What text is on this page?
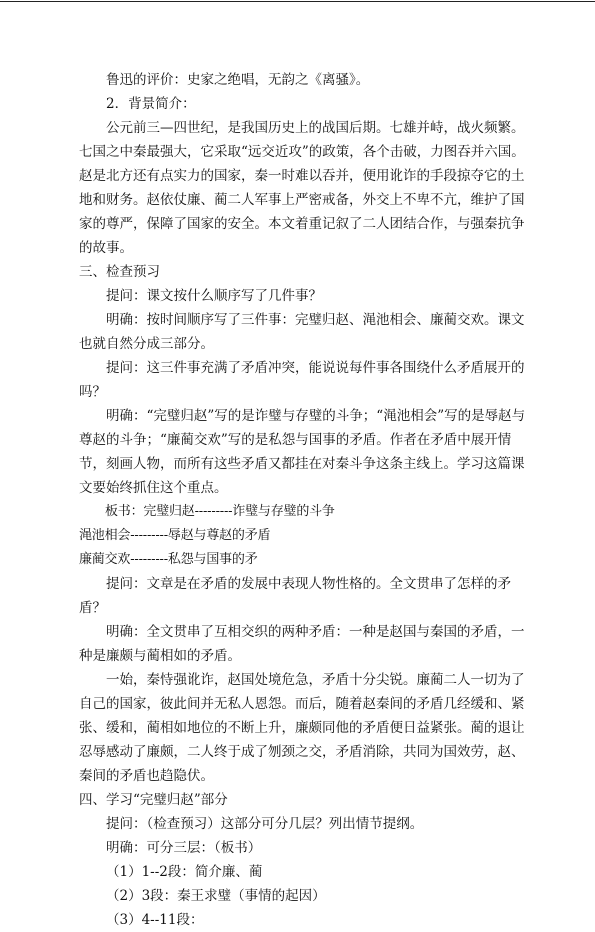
鲁迅的评价：史家之绝唱，无韵之《离骚》。

2．背景简介：

公元前三—四世纪，是我国历史上的战国后期。七雄并峙，战火频繁。七国之中秦最强大，它采取“远交近攻”的政策，各个击破，力图吞并六国。赵是北方还有点实力的国家，秦一时难以吞并，便用讹诈的手段掠夺它的土地和财务。赵依仗廉、蔺二人军事上严密戒备，外交上不卑不亢，维护了国家的尊严，保障了国家的安全。本文着重记叙了二人团结合作，与强秦抗争的故事。

三、检查预习

提问：课文按什么顺序写了几件事？

明确：按时间顺序写了三件事：完璧归赵、渑池相会、廉蔺交欢。课文也就自然分成三部分。

提问：这三件事充满了矛盾冲突，能说说每件事各围绕什么矛盾展开的吗？

明确：“完璧归赵”写的是诈璧与存璧的斗争；“渑池相会”写的是辱赵与尊赵的斗争；“廉蔺交欢”写的是私怨与国事的矛盾。作者在矛盾中展开情节，刻画人物，而所有这些矛盾又都挂在对秦斗争这条主线上。学习这篇课文要始终抓住这个重点。

板书：完璧归赵---------诈璧与存璧的斗争

渑池相会---------辱赵与尊赵的矛盾

廉蔺交欢---------私怨与国事的矛

提问：文章是在矛盾的发展中表现人物性格的。全文贯串了怎样的矛盾？

明确：全文贯串了互相交织的两种矛盾：一种是赵国与秦国的矛盾，一种是廉颇与蔺相如的矛盾。

一始，秦恃强讹诈，赵国处境危急，矛盾十分尖锐。廉蔺二人一切为了自己的国家，彼此间并无私人恩怨。而后，随着赵秦间的矛盾几经缓和、紧张、缓和，蔺相如地位的不断上升，廉颇同他的矛盾便日益紧张。蔺的退让忍辱感动了廉颇，二人终于成了刎颈之交，矛盾消除，共同为国效劳，赵、秦间的矛盾也趋隐伏。

四、学习“完璧归赵”部分

提问：（检查预习）这部分可分几层？列出情节提纲。

明确：可分三层：（板书）

（1）1--2段：简介廉、蔺

（2）3段：秦王求璧（事情的起因）

（3）4--11段：
